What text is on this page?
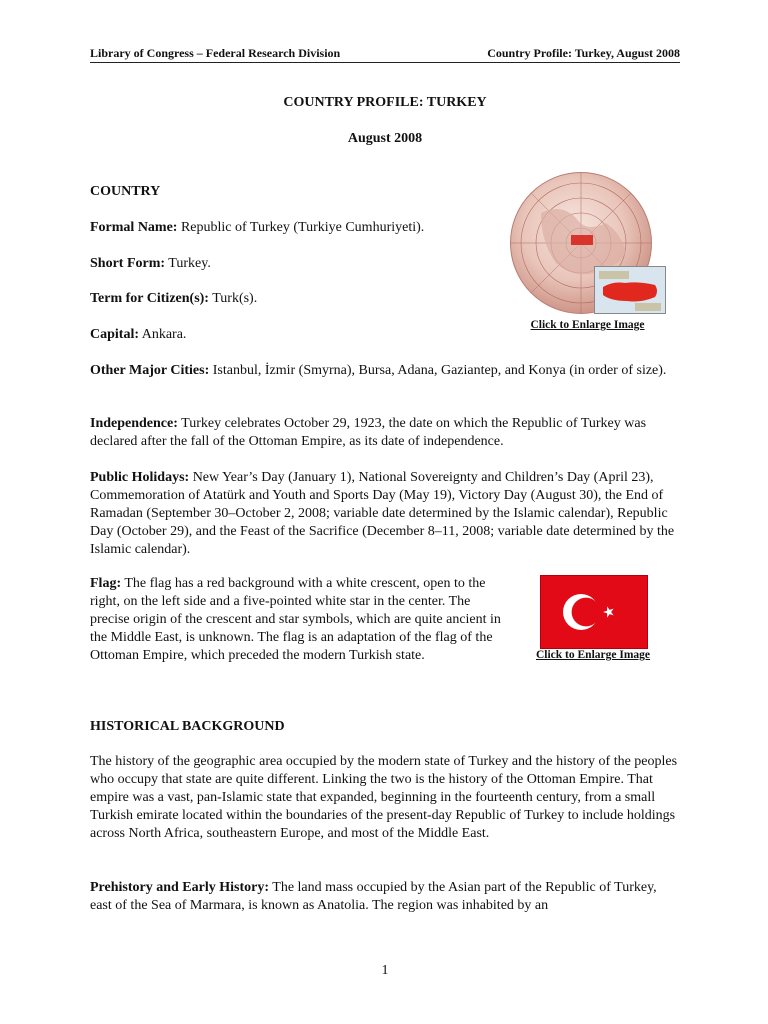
Library of Congress – Federal Research Division	Country Profile: Turkey, August 2008
COUNTRY PROFILE: TURKEY
August 2008
COUNTRY
Formal Name: Republic of Turkey (Turkiye Cumhuriyeti).
Short Form: Turkey.
Term for Citizen(s): Turk(s).
Capital: Ankara.
Click to Enlarge Image
Other Major Cities: Istanbul, İzmir (Smyrna), Bursa, Adana, Gaziantep, and Konya (in order of size).
Independence: Turkey celebrates October 29, 1923, the date on which the Republic of Turkey was declared after the fall of the Ottoman Empire, as its date of independence.
Public Holidays: New Year’s Day (January 1), National Sovereignty and Children’s Day (April 23), Commemoration of Atatürk and Youth and Sports Day (May 19), Victory Day (August 30), the End of Ramadan (September 30–October 2, 2008; variable date determined by the Islamic calendar), Republic Day (October 29), and the Feast of the Sacrifice (December 8–11, 2008; variable date determined by the Islamic calendar).
Flag: The flag has a red background with a white crescent, open to the right, on the left side and a five-pointed white star in the center. The precise origin of the crescent and star symbols, which are quite ancient in the Middle East, is unknown. The flag is an adaptation of the flag of the Ottoman Empire, which preceded the modern Turkish state.	Click to Enlarge Image
HISTORICAL BACKGROUND
The history of the geographic area occupied by the modern state of Turkey and the history of the peoples who occupy that state are quite different. Linking the two is the history of the Ottoman Empire. That empire was a vast, pan-Islamic state that expanded, beginning in the fourteenth century, from a small Turkish emirate located within the boundaries of the present-day Republic of Turkey to include holdings across North Africa, southeastern Europe, and most of the Middle East.
Prehistory and Early History: The land mass occupied by the Asian part of the Republic of Turkey, east of the Sea of Marmara, is known as Anatolia. The region was inhabited by an
1
